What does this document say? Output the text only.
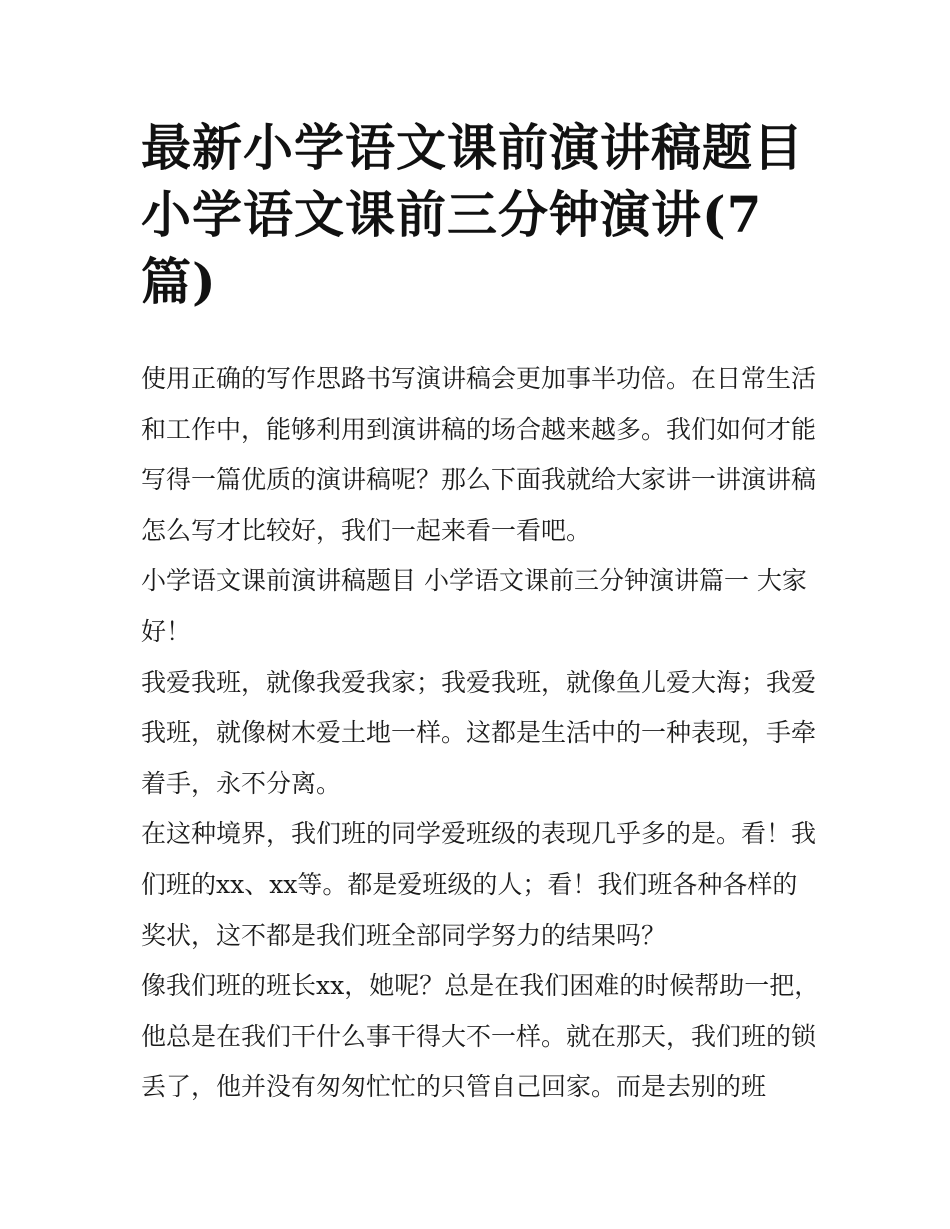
最新小学语文课前演讲稿题目 小学语文课前三分钟演讲(7篇)

使用正确的写作思路书写演讲稿会更加事半功倍。在日常生活和工作中，能够利用到演讲稿的场合越来越多。我们如何才能写得一篇优质的演讲稿呢？那么下面我就给大家讲一讲演讲稿怎么写才比较好，我们一起来看一看吧。

小学语文课前演讲稿题目 小学语文课前三分钟演讲篇一 大家好！

我爱我班，就像我爱我家；我爱我班，就像鱼儿爱大海；我爱我班，就像树木爱土地一样。这都是生活中的一种表现，手牵着手，永不分离。

在这种境界，我们班的同学爱班级的表现几乎多的是。看！我们班的xx、xx等。都是爱班级的人；看！我们班各种各样的奖状，这不都是我们班全部同学努力的结果吗？

像我们班的班长xx，她呢？总是在我们困难的时候帮助一把，他总是在我们干什么事干得大不一样。就在那天，我们班的锁丢了，他并没有匆匆忙忙的只管自己回家。而是去别的班
